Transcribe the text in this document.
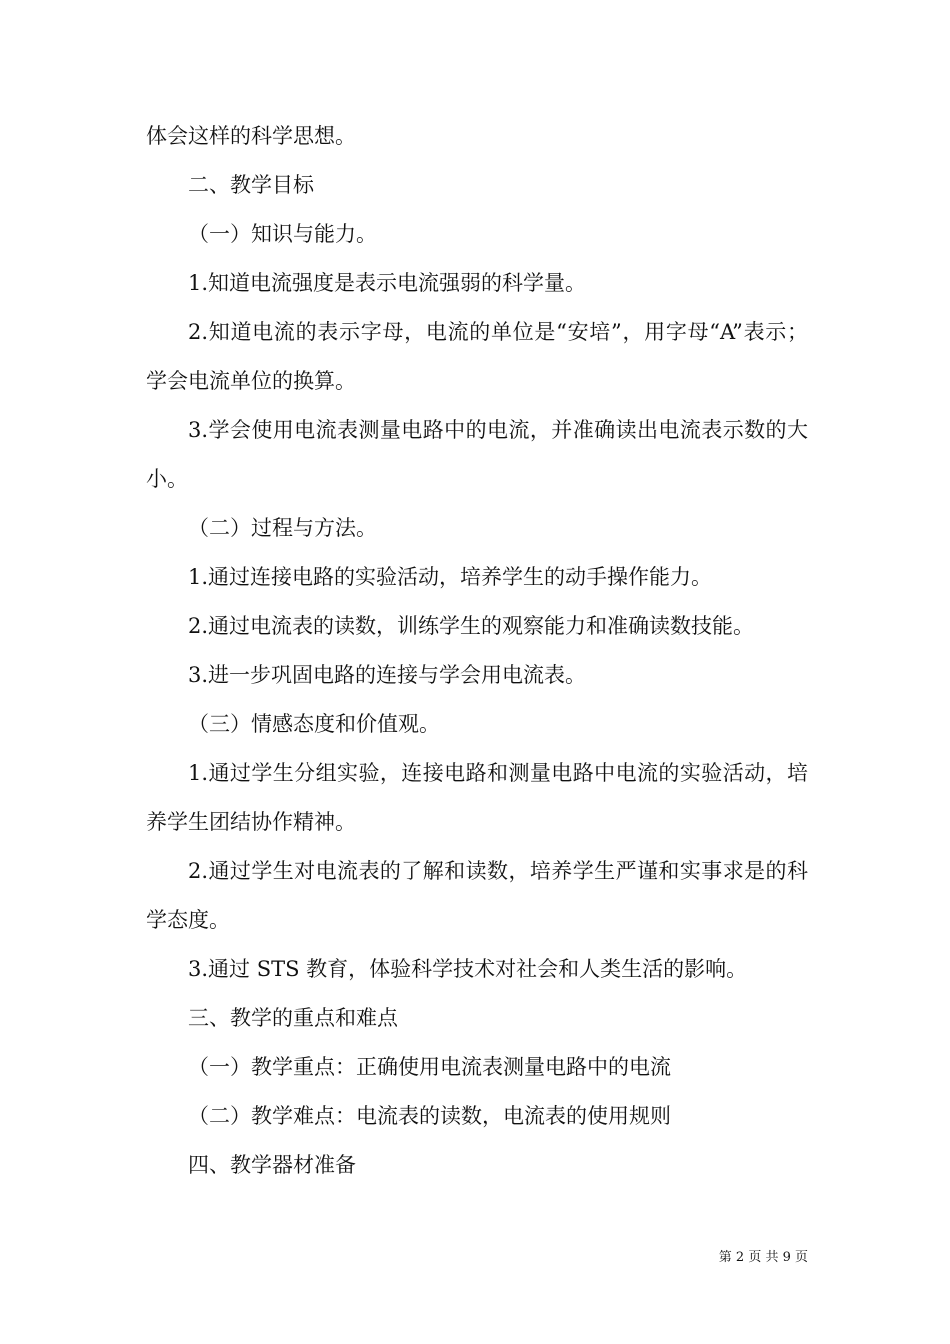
体会这样的科学思想。

二、教学目标

（一）知识与能力。

1.知道电流强度是表示电流强弱的科学量。

2.知道电流的表示字母，电流的单位是“安培”，用字母“A”表示；学会电流单位的换算。

3.学会使用电流表测量电路中的电流，并准确读出电流表示数的大小。

（二）过程与方法。

1.通过连接电路的实验活动，培养学生的动手操作能力。

2.通过电流表的读数，训练学生的观察能力和准确读数技能。

3.进一步巩固电路的连接与学会用电流表。

（三）情感态度和价值观。

1.通过学生分组实验，连接电路和测量电路中电流的实验活动，培养学生团结协作精神。

2.通过学生对电流表的了解和读数，培养学生严谨和实事求是的科学态度。

3.通过 STS 教育，体验科学技术对社会和人类生活的影响。

三、教学的重点和难点

（一）教学重点：正确使用电流表测量电路中的电流

（二）教学难点：电流表的读数，电流表的使用规则

四、教学器材准备

第 2 页 共 9 页
